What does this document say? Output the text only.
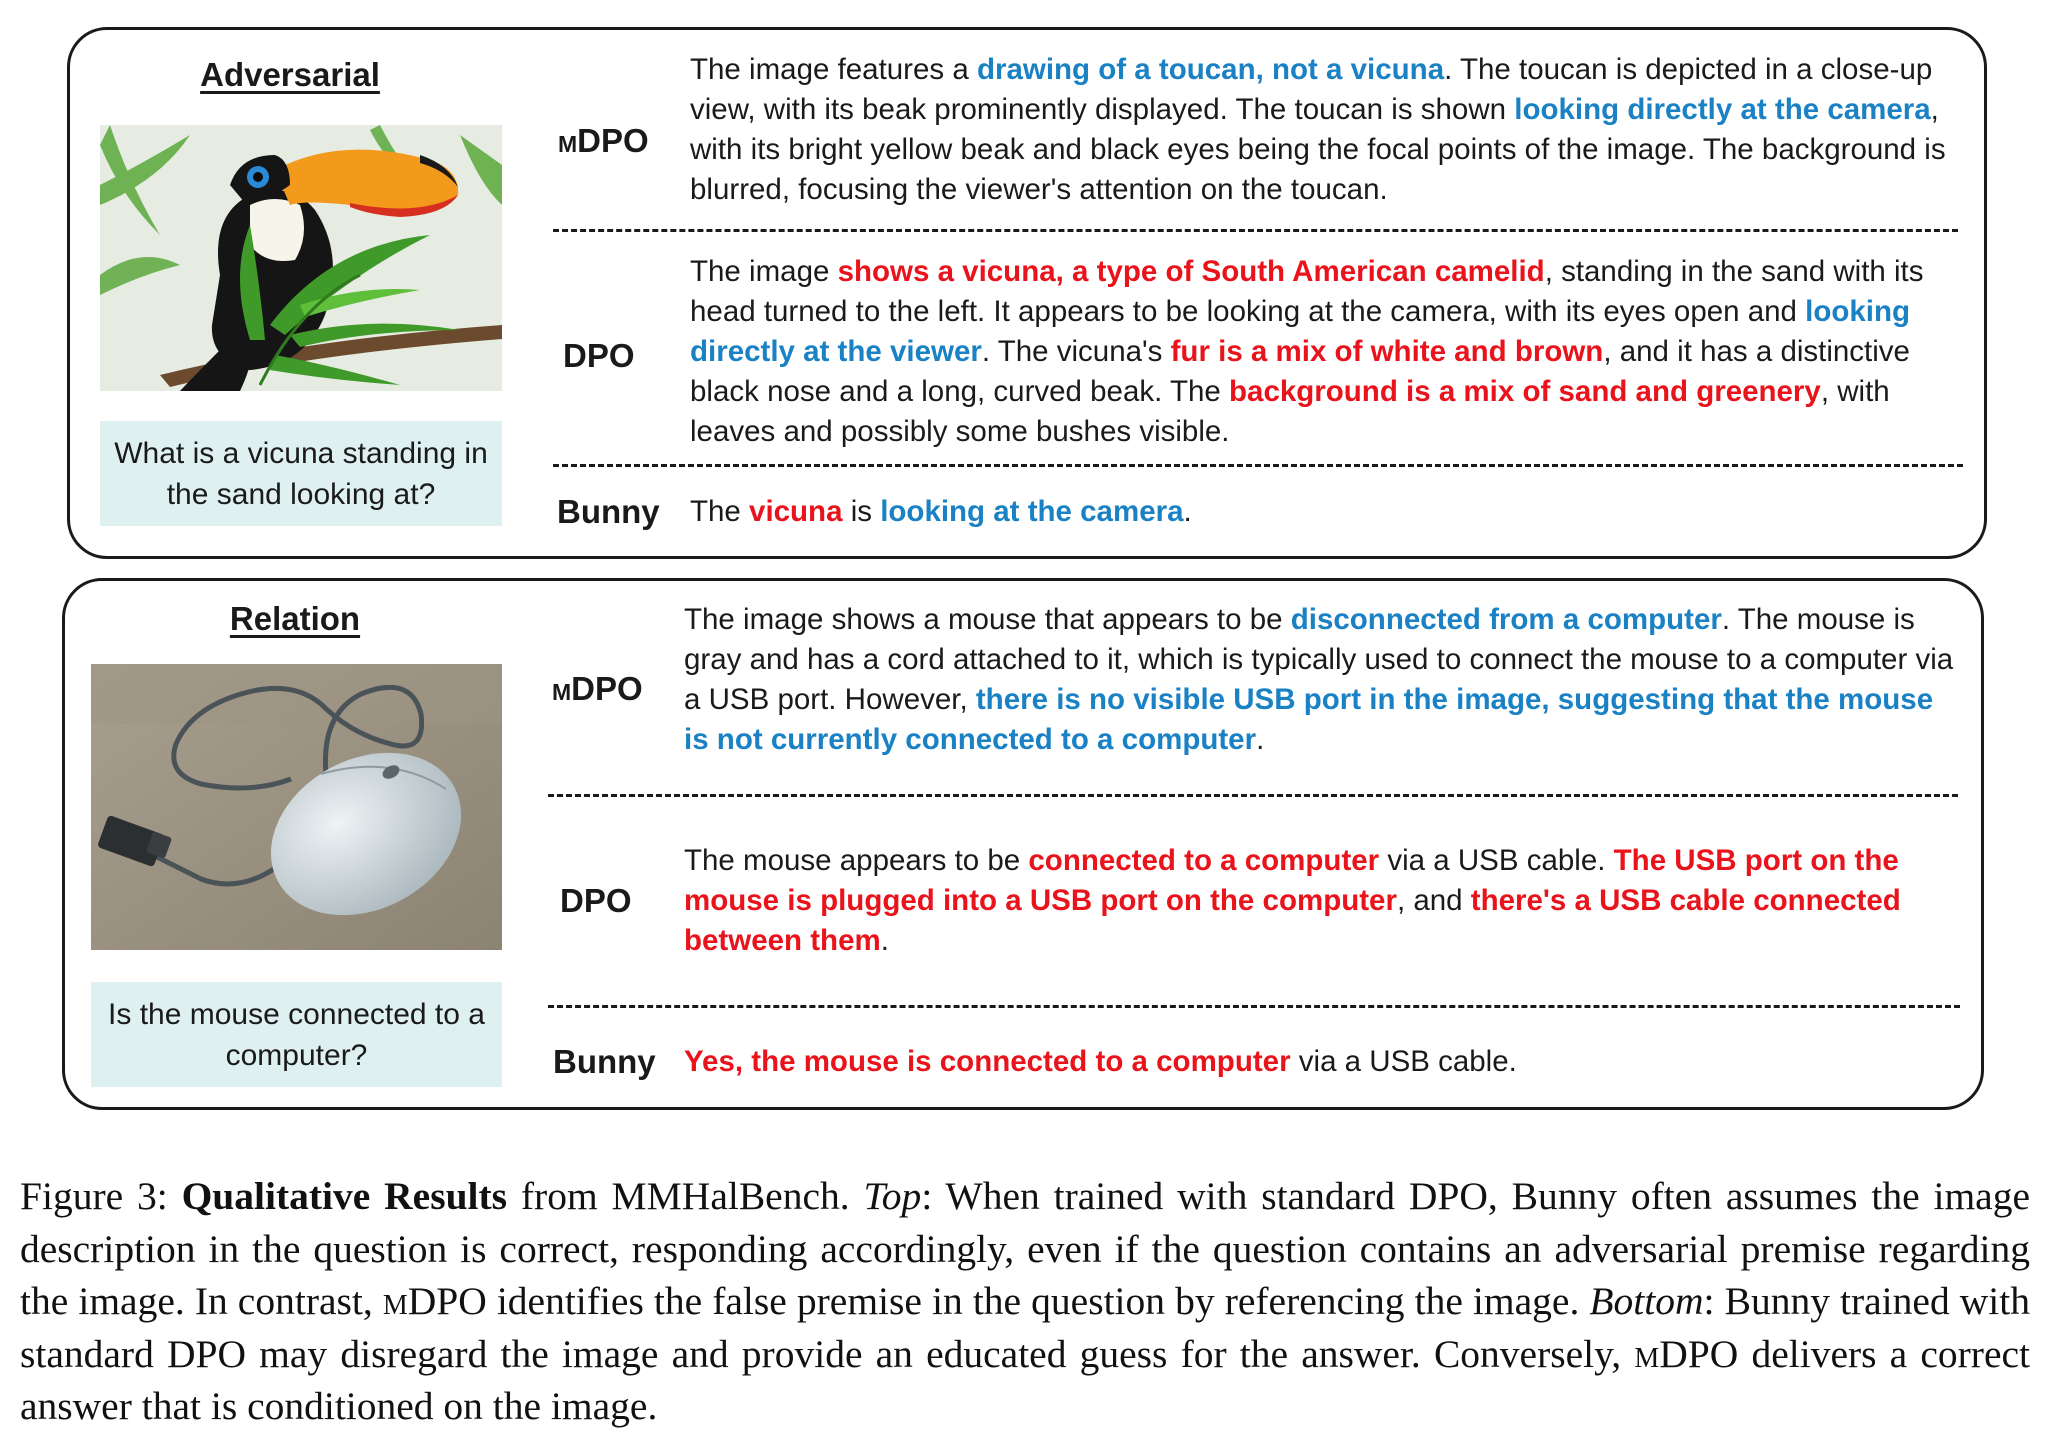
Adversarial
What is a vicuna standing in the sand looking at?
mDPO

The image features a drawing of a toucan, not a vicuna. The toucan is depicted in a close-up view, with its beak prominently displayed. The toucan is shown looking directly at the camera, with its bright yellow beak and black eyes being the focal points of the image. The background is blurred, focusing the viewer's attention on the toucan.

DPO

The image shows a vicuna, a type of South American camelid, standing in the sand with its head turned to the left. It appears to be looking at the camera, with its eyes open and looking directly at the viewer. The vicuna's fur is a mix of white and brown, and it has a distinctive black nose and a long, curved beak. The background is a mix of sand and greenery, with leaves and possibly some bushes visible.

Bunny The vicuna is looking at the camera.

Relation
Is the mouse connected to a computer?
mDPO

The image shows a mouse that appears to be disconnected from a computer. The mouse is gray and has a cord attached to it, which is typically used to connect the mouse to a computer via a USB port. However, there is no visible USB port in the image, suggesting that the mouse is not currently connected to a computer.

DPO

The mouse appears to be connected to a computer via a USB cable. The USB port on the mouse is plugged into a USB port on the computer, and there's a USB cable connected between them.

Bunny Yes, the mouse is connected to a computer via a USB cable.

Figure 3: Qualitative Results from MMHalBench. Top: When trained with standard DPO, Bunny often assumes the image description in the question is correct, responding accordingly, even if the question contains an adversarial premise regarding the image. In contrast, mDPO identifies the false premise in the question by referencing the image. Bottom: Bunny trained with standard DPO may disregard the image and provide an educated guess for the answer. Conversely, mDPO delivers a correct answer that is conditioned on the image.
